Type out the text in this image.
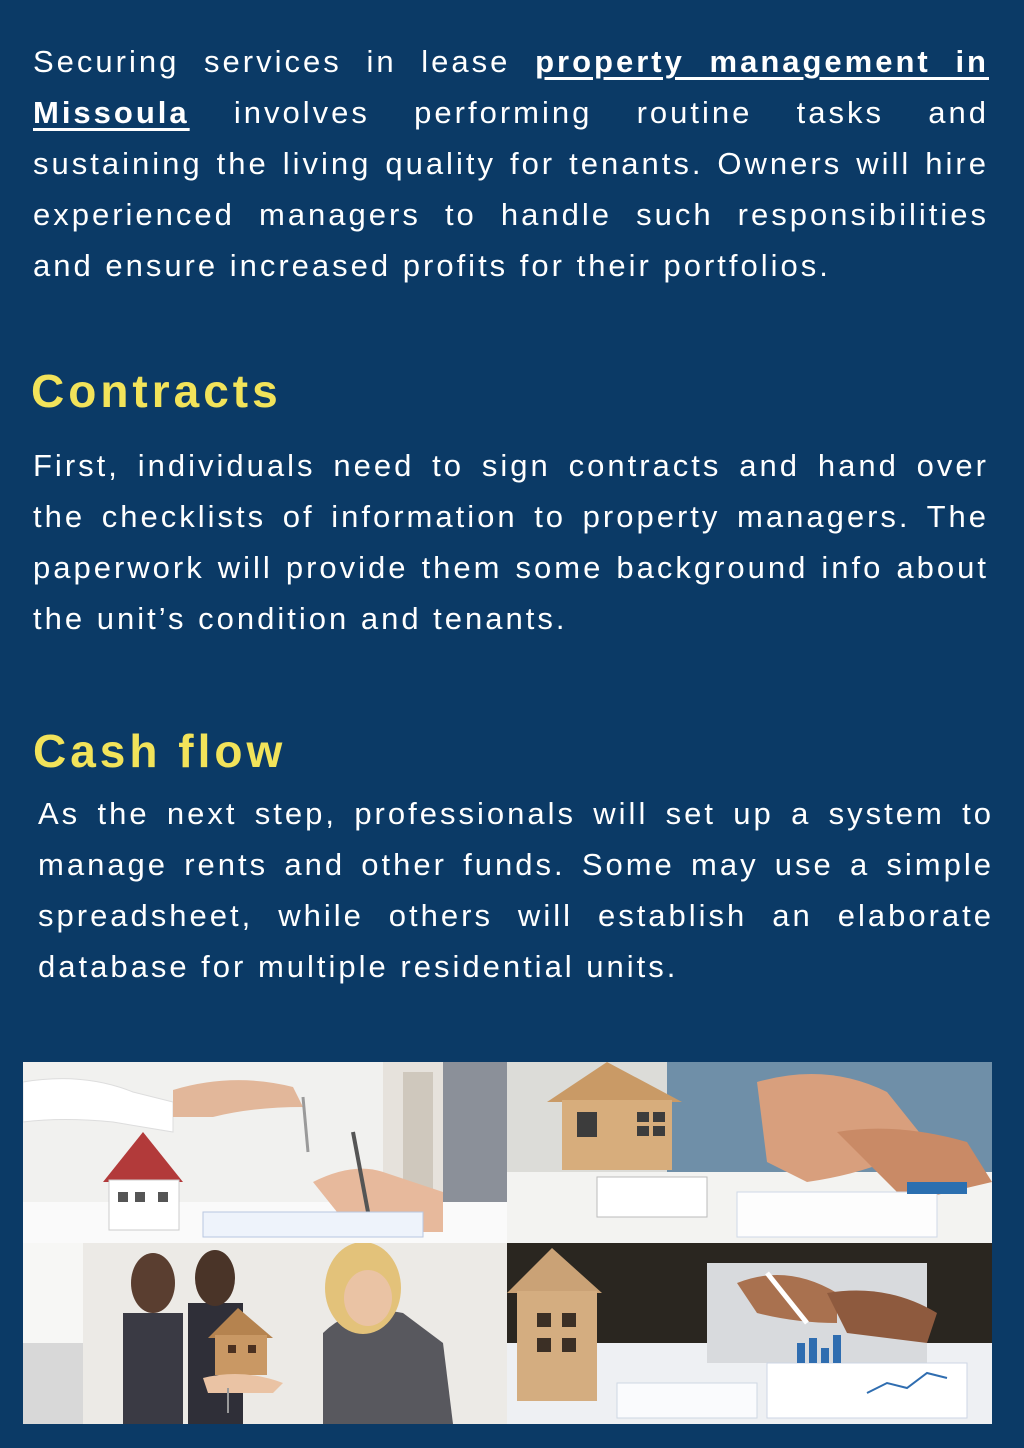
Securing services in lease property management in Missoula involves performing routine tasks and sustaining the living quality for tenants. Owners will hire experienced managers to handle such responsibilities and ensure increased profits for their portfolios.

Contracts

First, individuals need to sign contracts and hand over the checklists of information to property managers. The paperwork will provide them some background info about the unit’s condition and tenants.

Cash flow

As the next step, professionals will set up a system to manage rents and other funds. Some may use a simple spreadsheet, while others will establish an elaborate database for multiple residential units.
